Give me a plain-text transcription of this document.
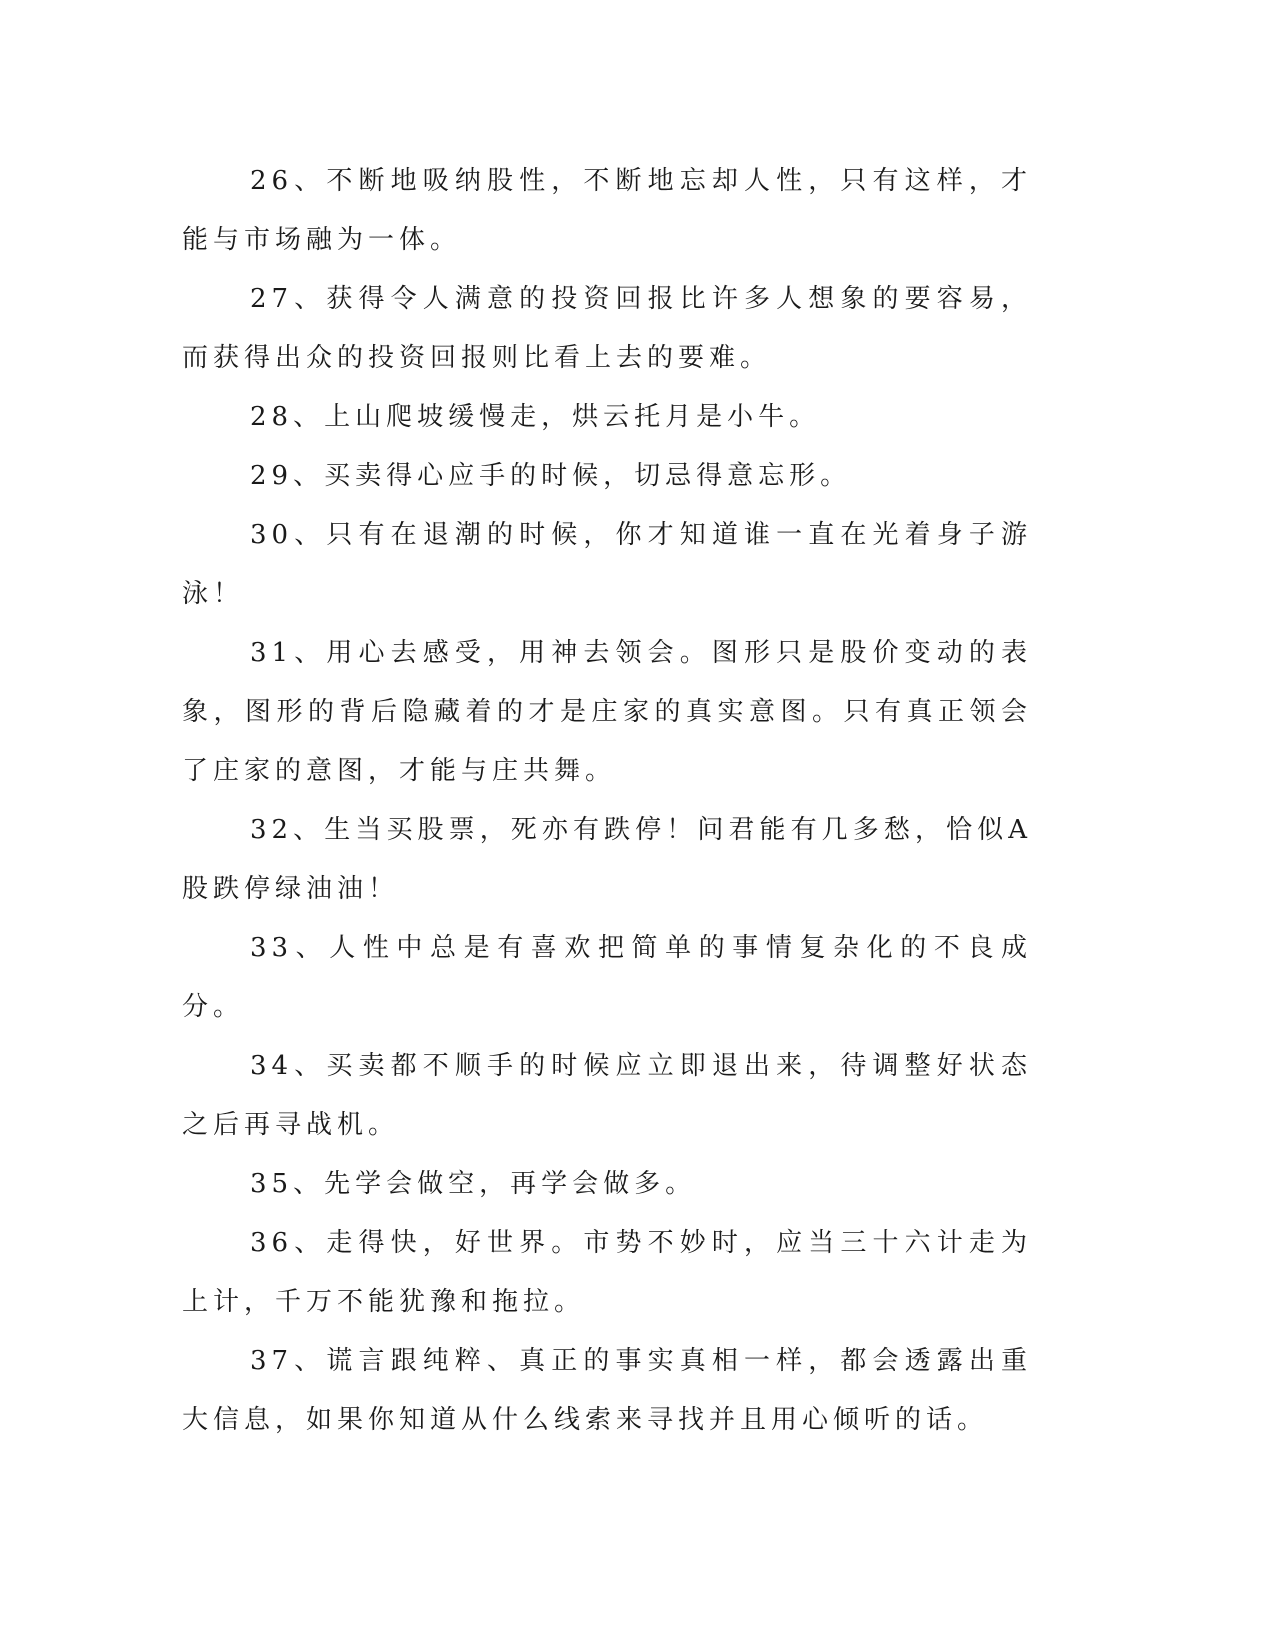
26、不断地吸纳股性，不断地忘却人性，只有这样，才能与市场融为一体。

27、获得令人满意的投资回报比许多人想象的要容易，而获得出众的投资回报则比看上去的要难。

28、上山爬坡缓慢走，烘云托月是小牛。

29、买卖得心应手的时候，切忌得意忘形。

30、只有在退潮的时候，你才知道谁一直在光着身子游泳！

31、用心去感受，用神去领会。图形只是股价变动的表象，图形的背后隐藏着的才是庄家的真实意图。只有真正领会了庄家的意图，才能与庄共舞。

32、生当买股票，死亦有跌停！问君能有几多愁，恰似A股跌停绿油油！

33、人性中总是有喜欢把简单的事情复杂化的不良成分。

34、买卖都不顺手的时候应立即退出来，待调整好状态之后再寻战机。

35、先学会做空，再学会做多。

36、走得快，好世界。市势不妙时，应当三十六计走为上计，千万不能犹豫和拖拉。

37、谎言跟纯粹、真正的事实真相一样，都会透露出重大信息，如果你知道从什么线索来寻找并且用心倾听的话。
